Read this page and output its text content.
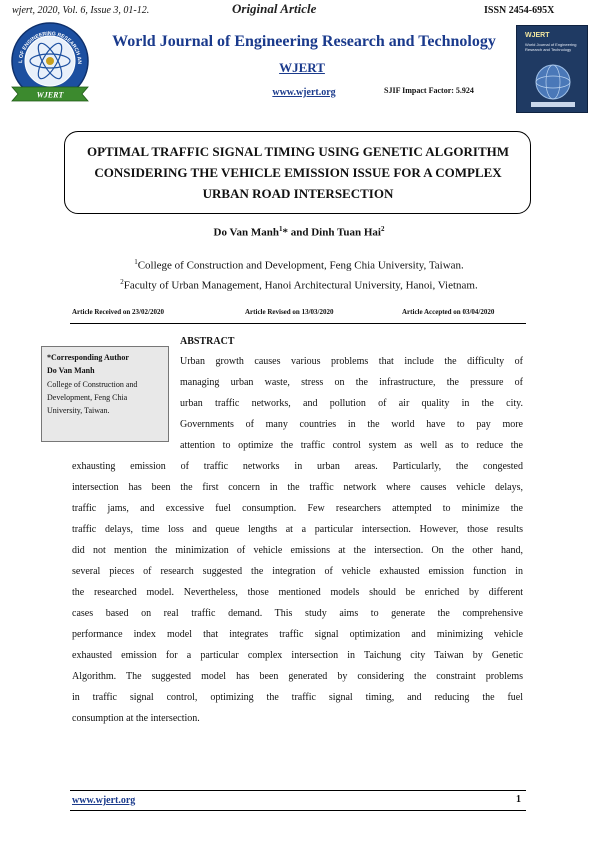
wjert, 2020, Vol. 6, Issue 3, 01-12.	Original Article	ISSN 2454-695X
L OF ENGINEERING RESEARCH AN
WJERT
World Journal of Engineering Research and Technology
WJERT
www.wjert.org	SJIF Impact Factor: 5.924
WJERT
World Journal of Engineering Research and Technology
OPTIMAL TRAFFIC SIGNAL TIMING USING GENETIC ALGORITHM CONSIDERING THE VEHICLE EMISSION ISSUE FOR A COMPLEX URBAN ROAD INTERSECTION
Do Van Manh$^1$* and Dinh Tuan Hai$^2$
$^1$College of Construction and Development, Feng Chia University, Taiwan.
$^2$Faculty of Urban Management, Hanoi Architectural University, Hanoi, Vietnam.
Article Received on 23/02/2020	Article Revised on 13/03/2020	Article Accepted on 03/04/2020
*Corresponding Author
Do Van Manh
College of Construction and Development, Feng Chia University, Taiwan.
ABSTRACT
Urban growth causes various problems that include the difficulty of
managing urban waste, stress on the infrastructure, the pressure of
urban traffic networks, and pollution of air quality in the city.
Governments of many countries in the world have to pay more
attention to optimize the traffic control system as well as to reduce the
exhausting emission of traffic networks in urban areas. Particularly, the congested
intersection has been the first concern in the traffic network where causes vehicle delays,
traffic jams, and excessive fuel consumption. Few researchers attempted to minimize the
traffic delays, time loss and queue lengths at a particular intersection. However, those results
did not mention the minimization of vehicle emissions at the intersection. On the other hand,
several pieces of research suggested the integration of vehicle exhausted emission function in
the researched model. Nevertheless, those mentioned models should be enriched by different
cases based on real traffic demand. This study aims to generate the comprehensive
performance index model that integrates traffic signal optimization and minimizing vehicle
exhausted emission for a particular complex intersection in Taichung city Taiwan by Genetic
Algorithm. The suggested model has been generated by considering the constraint problems
in traffic signal control, optimizing the traffic signal timing, and reducing the fuel
consumption at the intersection.
www.wjert.org	1
